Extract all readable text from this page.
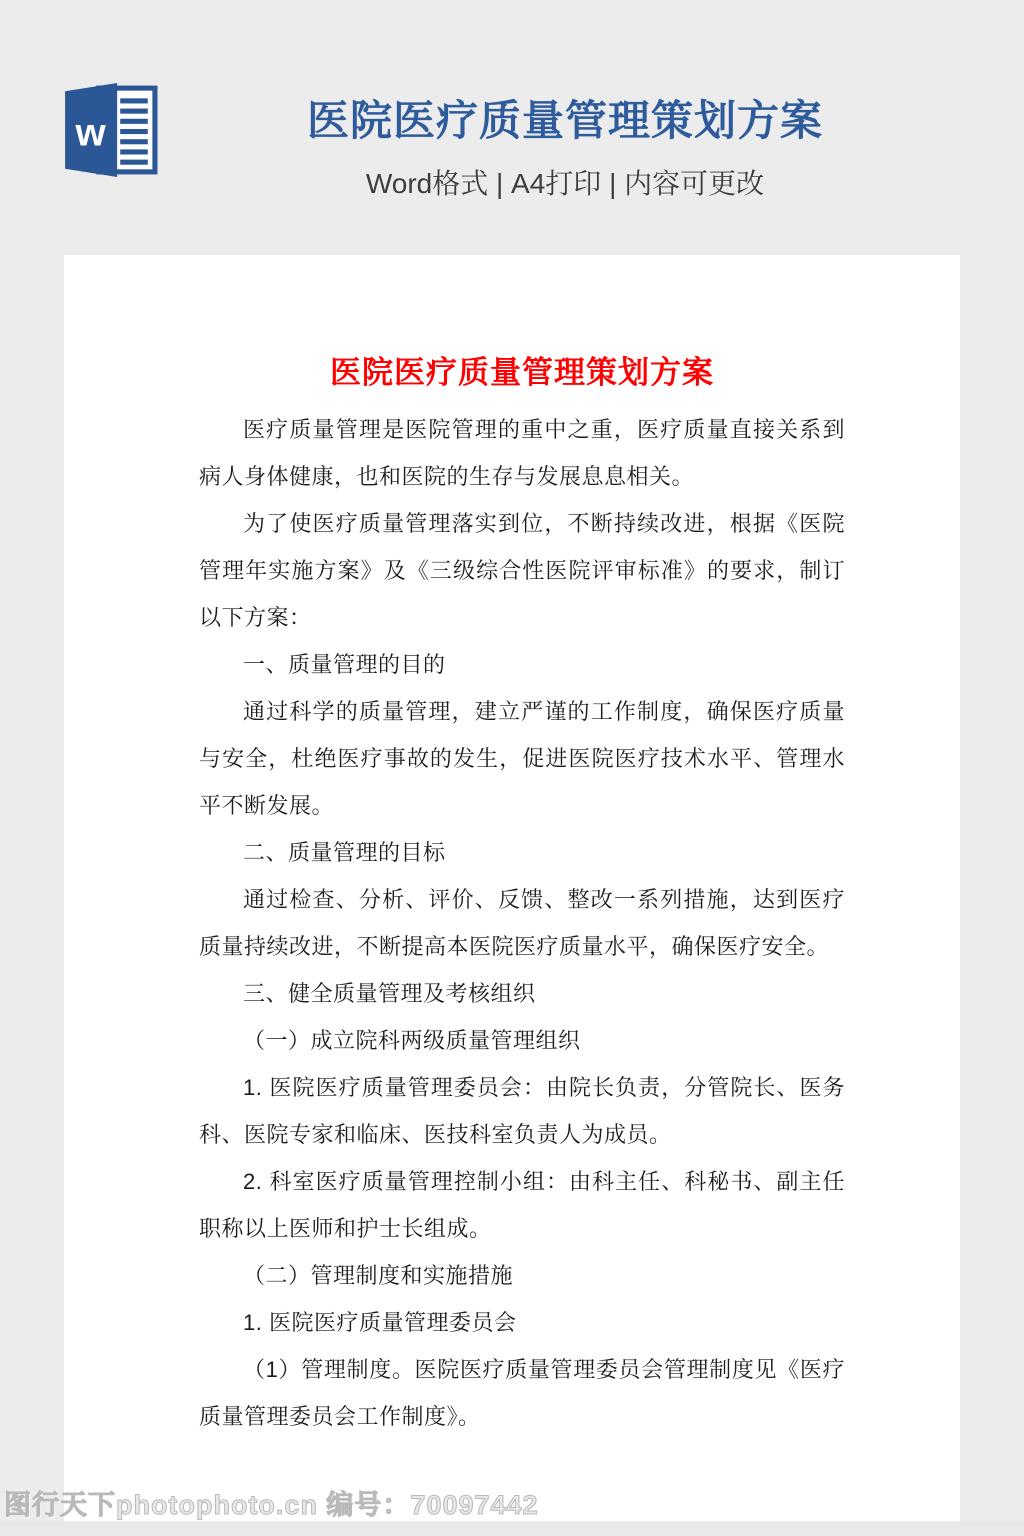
w	医院医疗质量管理策划方案
Word格式 | A4打印 | 内容可更改
医院医疗质量管理策划方案

医疗质量管理是医院管理的重中之重，医疗质量直接关系到病人身体健康，也和医院的生存与发展息息相关。

为了使医疗质量管理落实到位，不断持续改进，根据《医院管理年实施方案》及《三级综合性医院评审标准》的要求，制订以下方案：

一、质量管理的目的

通过科学的质量管理，建立严谨的工作制度，确保医疗质量与安全，杜绝医疗事故的发生，促进医院医疗技术水平、管理水平不断发展。

二、质量管理的目标

通过检查、分析、评价、反馈、整改一系列措施，达到医疗质量持续改进，不断提高本医院医疗质量水平，确保医疗安全。

三、健全质量管理及考核组织

（一）成立院科两级质量管理组织

1. 医院医疗质量管理委员会：由院长负责，分管院长、医务科、医院专家和临床、医技科室负责人为成员。

2. 科室医疗质量管理控制小组：由科主任、科秘书、副主任职称以上医师和护士长组成。

（二）管理制度和实施措施

1. 医院医疗质量管理委员会

（1）管理制度。医院医疗质量管理委员会管理制度见《医疗质量管理委员会工作制度》。

图行天下photophoto.cn 编号：70097442
